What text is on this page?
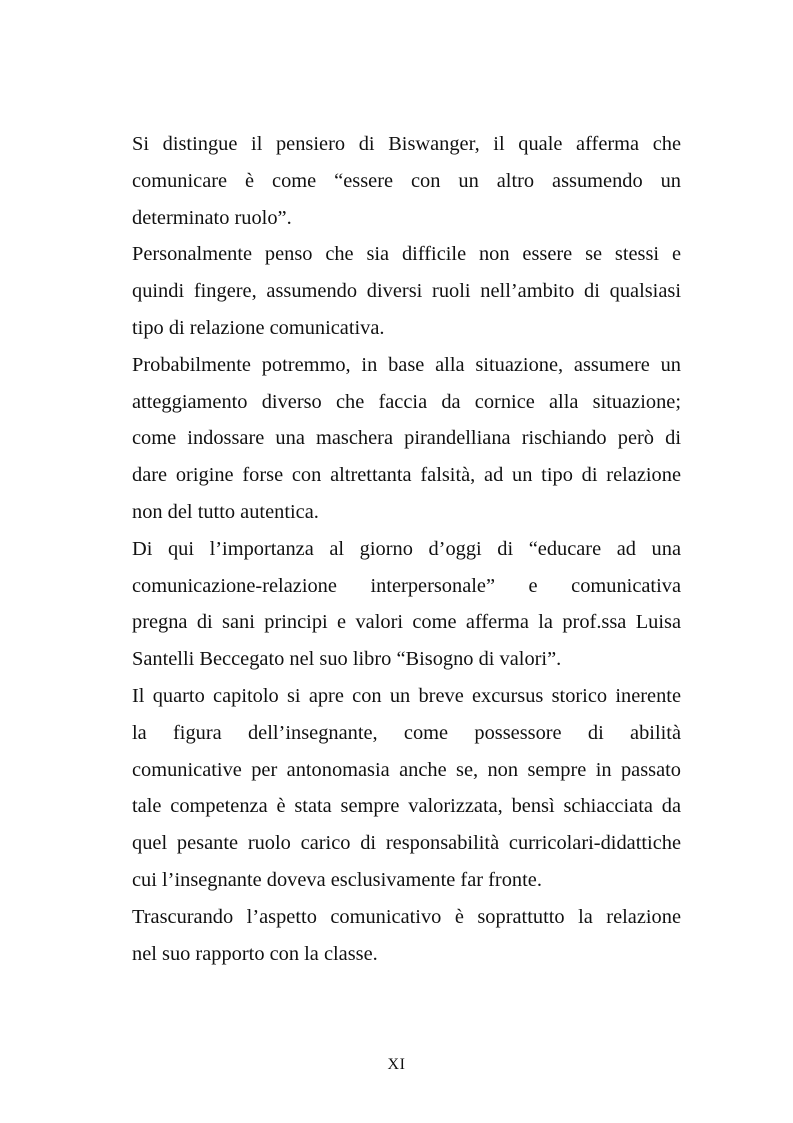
Si distingue il pensiero di Biswanger, il quale afferma che
comunicare è come “essere con un altro assumendo un
determinato ruolo”.
Personalmente penso che sia difficile non essere se stessi e
quindi fingere, assumendo diversi ruoli nell’ambito di qualsiasi
tipo di relazione comunicativa.
Probabilmente potremmo, in base alla situazione, assumere un
atteggiamento diverso che faccia da cornice alla situazione;
come indossare una maschera pirandelliana rischiando però di
dare origine forse con altrettanta falsità, ad un tipo di relazione
non del tutto autentica.
Di qui l’importanza al giorno d’oggi di “educare ad una
comunicazione-relazione interpersonale” e comunicativa
pregna di sani principi e valori come afferma la prof.ssa Luisa
Santelli Beccegato nel suo libro “Bisogno di valori”.
Il quarto capitolo si apre con un breve excursus storico inerente
la figura dell’insegnante, come possessore di abilità
comunicative per antonomasia anche se, non sempre in passato
tale competenza è stata sempre valorizzata, bensì schiacciata da
quel pesante ruolo carico di responsabilità curricolari-didattiche
cui l’insegnante doveva esclusivamente far fronte.
Trascurando l’aspetto comunicativo è soprattutto la relazione
nel suo rapporto con la classe.
XI
